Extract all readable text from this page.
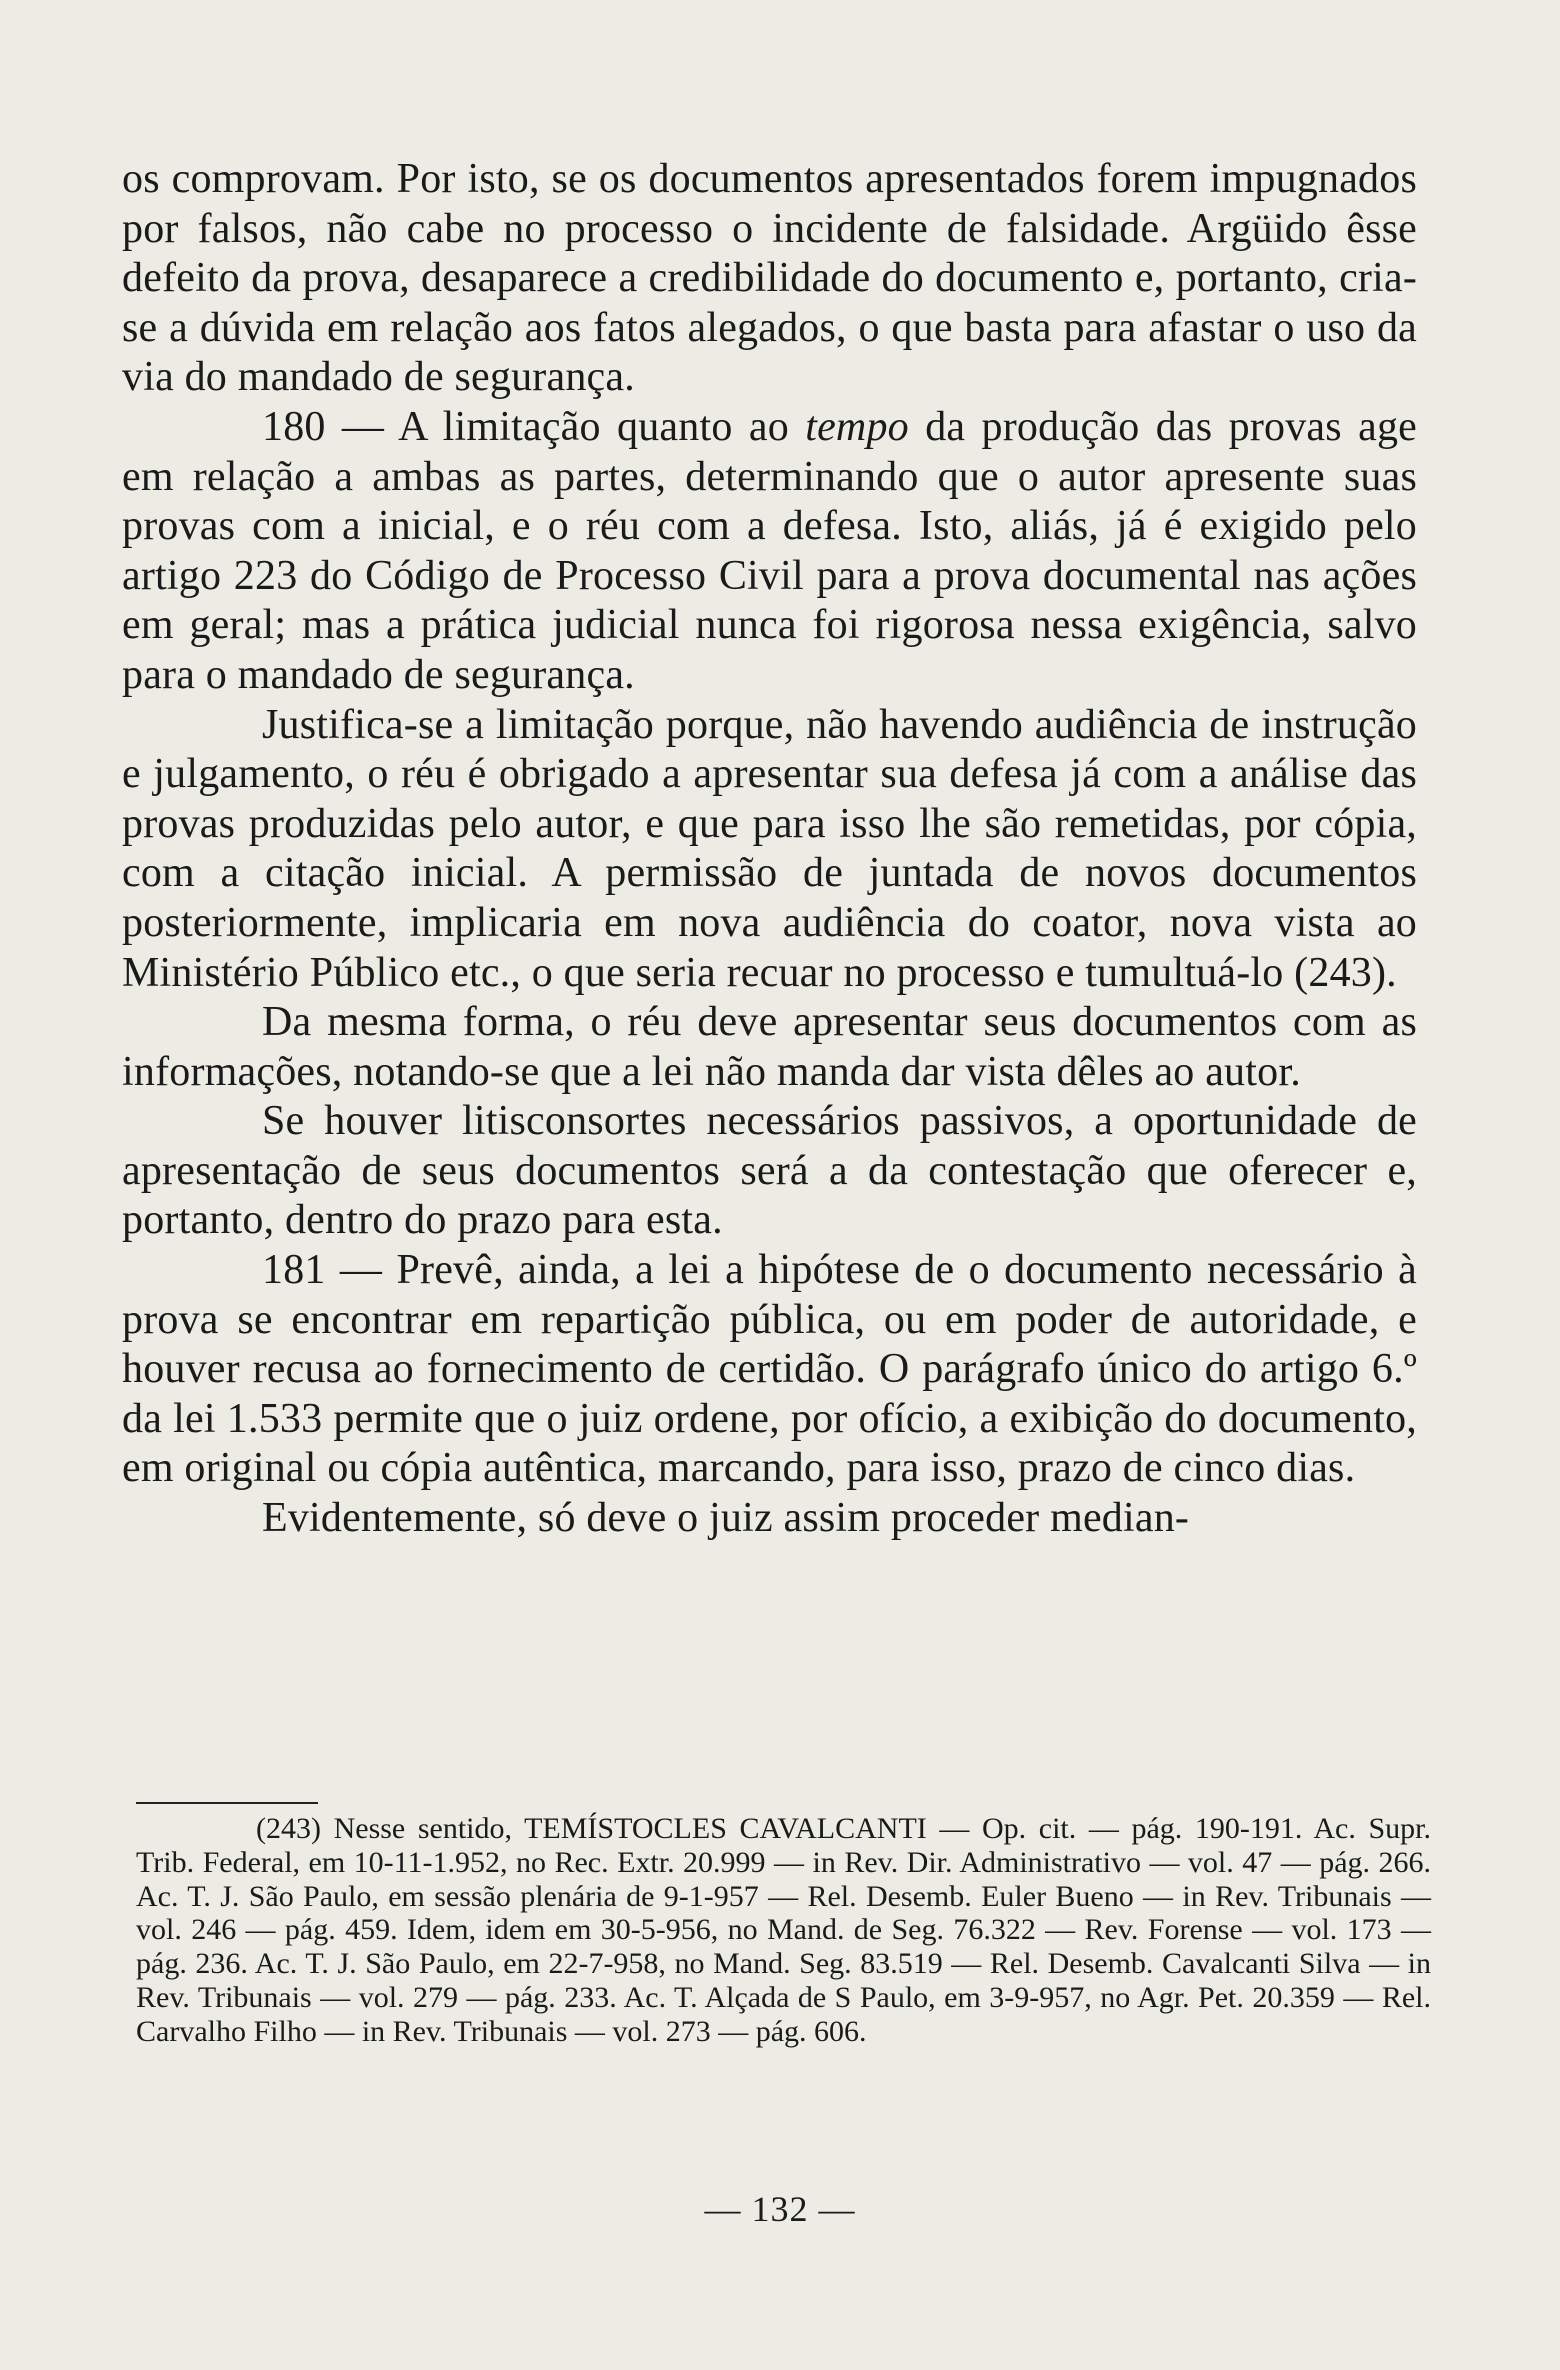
os comprovam. Por isto, se os documentos apresentados forem impugnados por falsos, não cabe no processo o incidente de falsidade. Argüido êsse defeito da prova, desaparece a credibilidade do documento e, portanto, cria-se a dúvida em relação aos fatos alegados, o que basta para afastar o uso da via do mandado de segurança.

180 — A limitação quanto ao tempo da produção das provas age em relação a ambas as partes, determinando que o autor apresente suas provas com a inicial, e o réu com a defesa. Isto, aliás, já é exigido pelo artigo 223 do Código de Processo Civil para a prova documental nas ações em geral; mas a prática judicial nunca foi rigorosa nessa exigência, salvo para o mandado de segurança.

Justifica-se a limitação porque, não havendo audiência de instrução e julgamento, o réu é obrigado a apresentar sua defesa já com a análise das provas produzidas pelo autor, e que para isso lhe são remetidas, por cópia, com a citação inicial. A permissão de juntada de novos documentos posteriormente, implicaria em nova audiência do coator, nova vista ao Ministério Público etc., o que seria recuar no processo e tumultuá-lo (243).

Da mesma forma, o réu deve apresentar seus documentos com as informações, notando-se que a lei não manda dar vista dêles ao autor.

Se houver litisconsortes necessários passivos, a oportunidade de apresentação de seus documentos será a da contestação que oferecer e, portanto, dentro do prazo para esta.

181 — Prevê, ainda, a lei a hipótese de o documento necessário à prova se encontrar em repartição pública, ou em poder de autoridade, e houver recusa ao fornecimento de certidão. O parágrafo único do artigo 6.º da lei 1.533 permite que o juiz ordene, por ofício, a exibição do documento, em original ou cópia autêntica, marcando, para isso, prazo de cinco dias.

Evidentemente, só deve o juiz assim proceder median-

(243) Nesse sentido, TEMÍSTOCLES CAVALCANTI — Op. cit. — pág. 190-191. Ac. Supr. Trib. Federal, em 10-11-1.952, no Rec. Extr. 20.999 — in Rev. Dir. Administrativo — vol. 47 — pág. 266. Ac. T. J. São Paulo, em sessão plenária de 9-1-957 — Rel. Desemb. Euler Bueno — in Rev. Tribunais — vol. 246 — pág. 459. Idem, idem em 30-5-956, no Mand. de Seg. 76.322 — Rev. Forense — vol. 173 — pág. 236. Ac. T. J. São Paulo, em 22-7-958, no Mand. Seg. 83.519 — Rel. Desemb. Cavalcanti Silva — in Rev. Tribunais — vol. 279 — pág. 233. Ac. T. Alçada de S Paulo, em 3-9-957, no Agr. Pet. 20.359 — Rel. Carvalho Filho — in Rev. Tribunais — vol. 273 — pág. 606.

— 132 —
